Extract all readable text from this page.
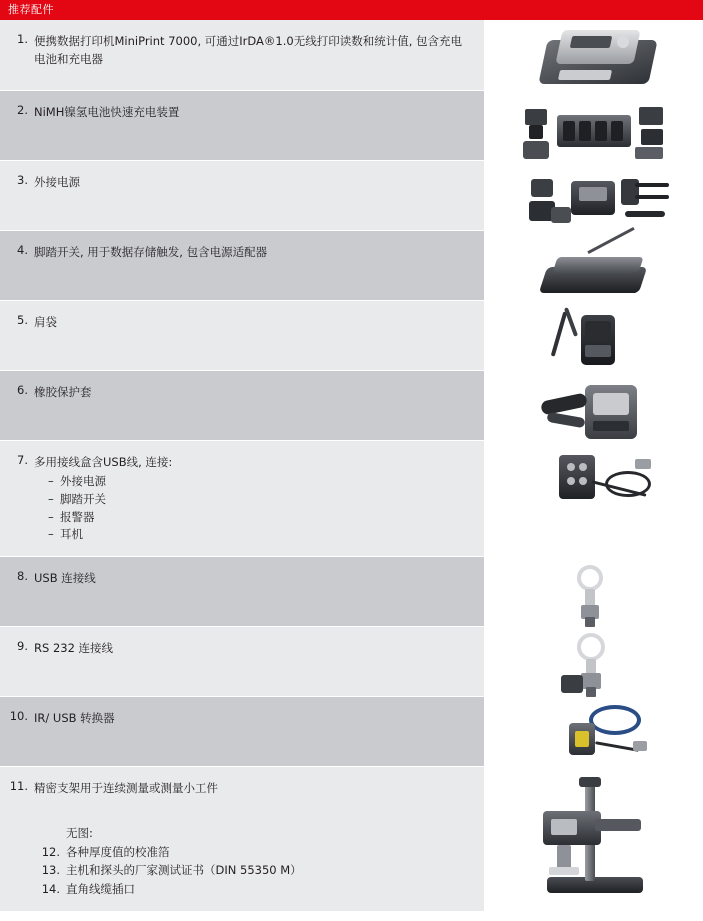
推荐配件
1.	便携数据打印机MiniPrint 7000, 可通过IrDA®1.0无线打印读数和统计值, 包含充电电池和充电器	

2.	NiMH镍氢电池快速充电装置	

3.	外接电源	

4.	脚踏开关, 用于数据存储触发, 包含电源适配器	

5.	肩袋	

6.	橡胶保护套	

7.	多用接线盒含USB线, 连接:
– 外接电源
– 脚踏开关
– 报警器
– 耳机

8.	USB 连接线	

9.	RS 232 连接线	

10.	IR/ USB 转换器	

11.	精密支架用于连续测量或测量小工件
无图:
12. 各种厚度值的校准箔
13. 主机和探头的厂家测试证书（DIN 55350 M）
14. 直角线缆插口
